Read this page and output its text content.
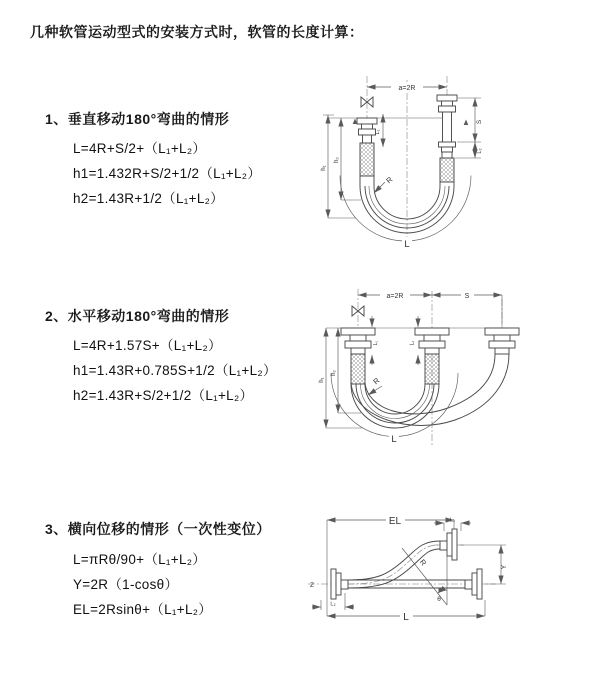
几种软管运动型式的安装方式时，软管的长度计算：
1、垂直移动180°弯曲的情形
L=4R+S/2+（L₁+L₂）
h1=1.432R+S/2+1/2（L₁+L₂）
h2=1.43R+1/2（L₁+L₂）
2、水平移动180°弯曲的情形
L=4R+1.57S+（L₁+L₂）
h1=1.43R+0.785S+1/2（L₁+L₂）
h2=1.43R+S/2+1/2（L₁+L₂）
3、横向位移的情形（一次性变位）
L=πRθ/90+（L₁+L₂）
Y=2R（1-cosθ）
EL=2Rsinθ+（L₁+L₂）
a=2R
L₁
h₁
h₂
S
L₂
R
L
a=2R	S
L₁	L₂
h₁
h₂
R
L
Z
θ
R
EL	L₁
Y
L
L₂
